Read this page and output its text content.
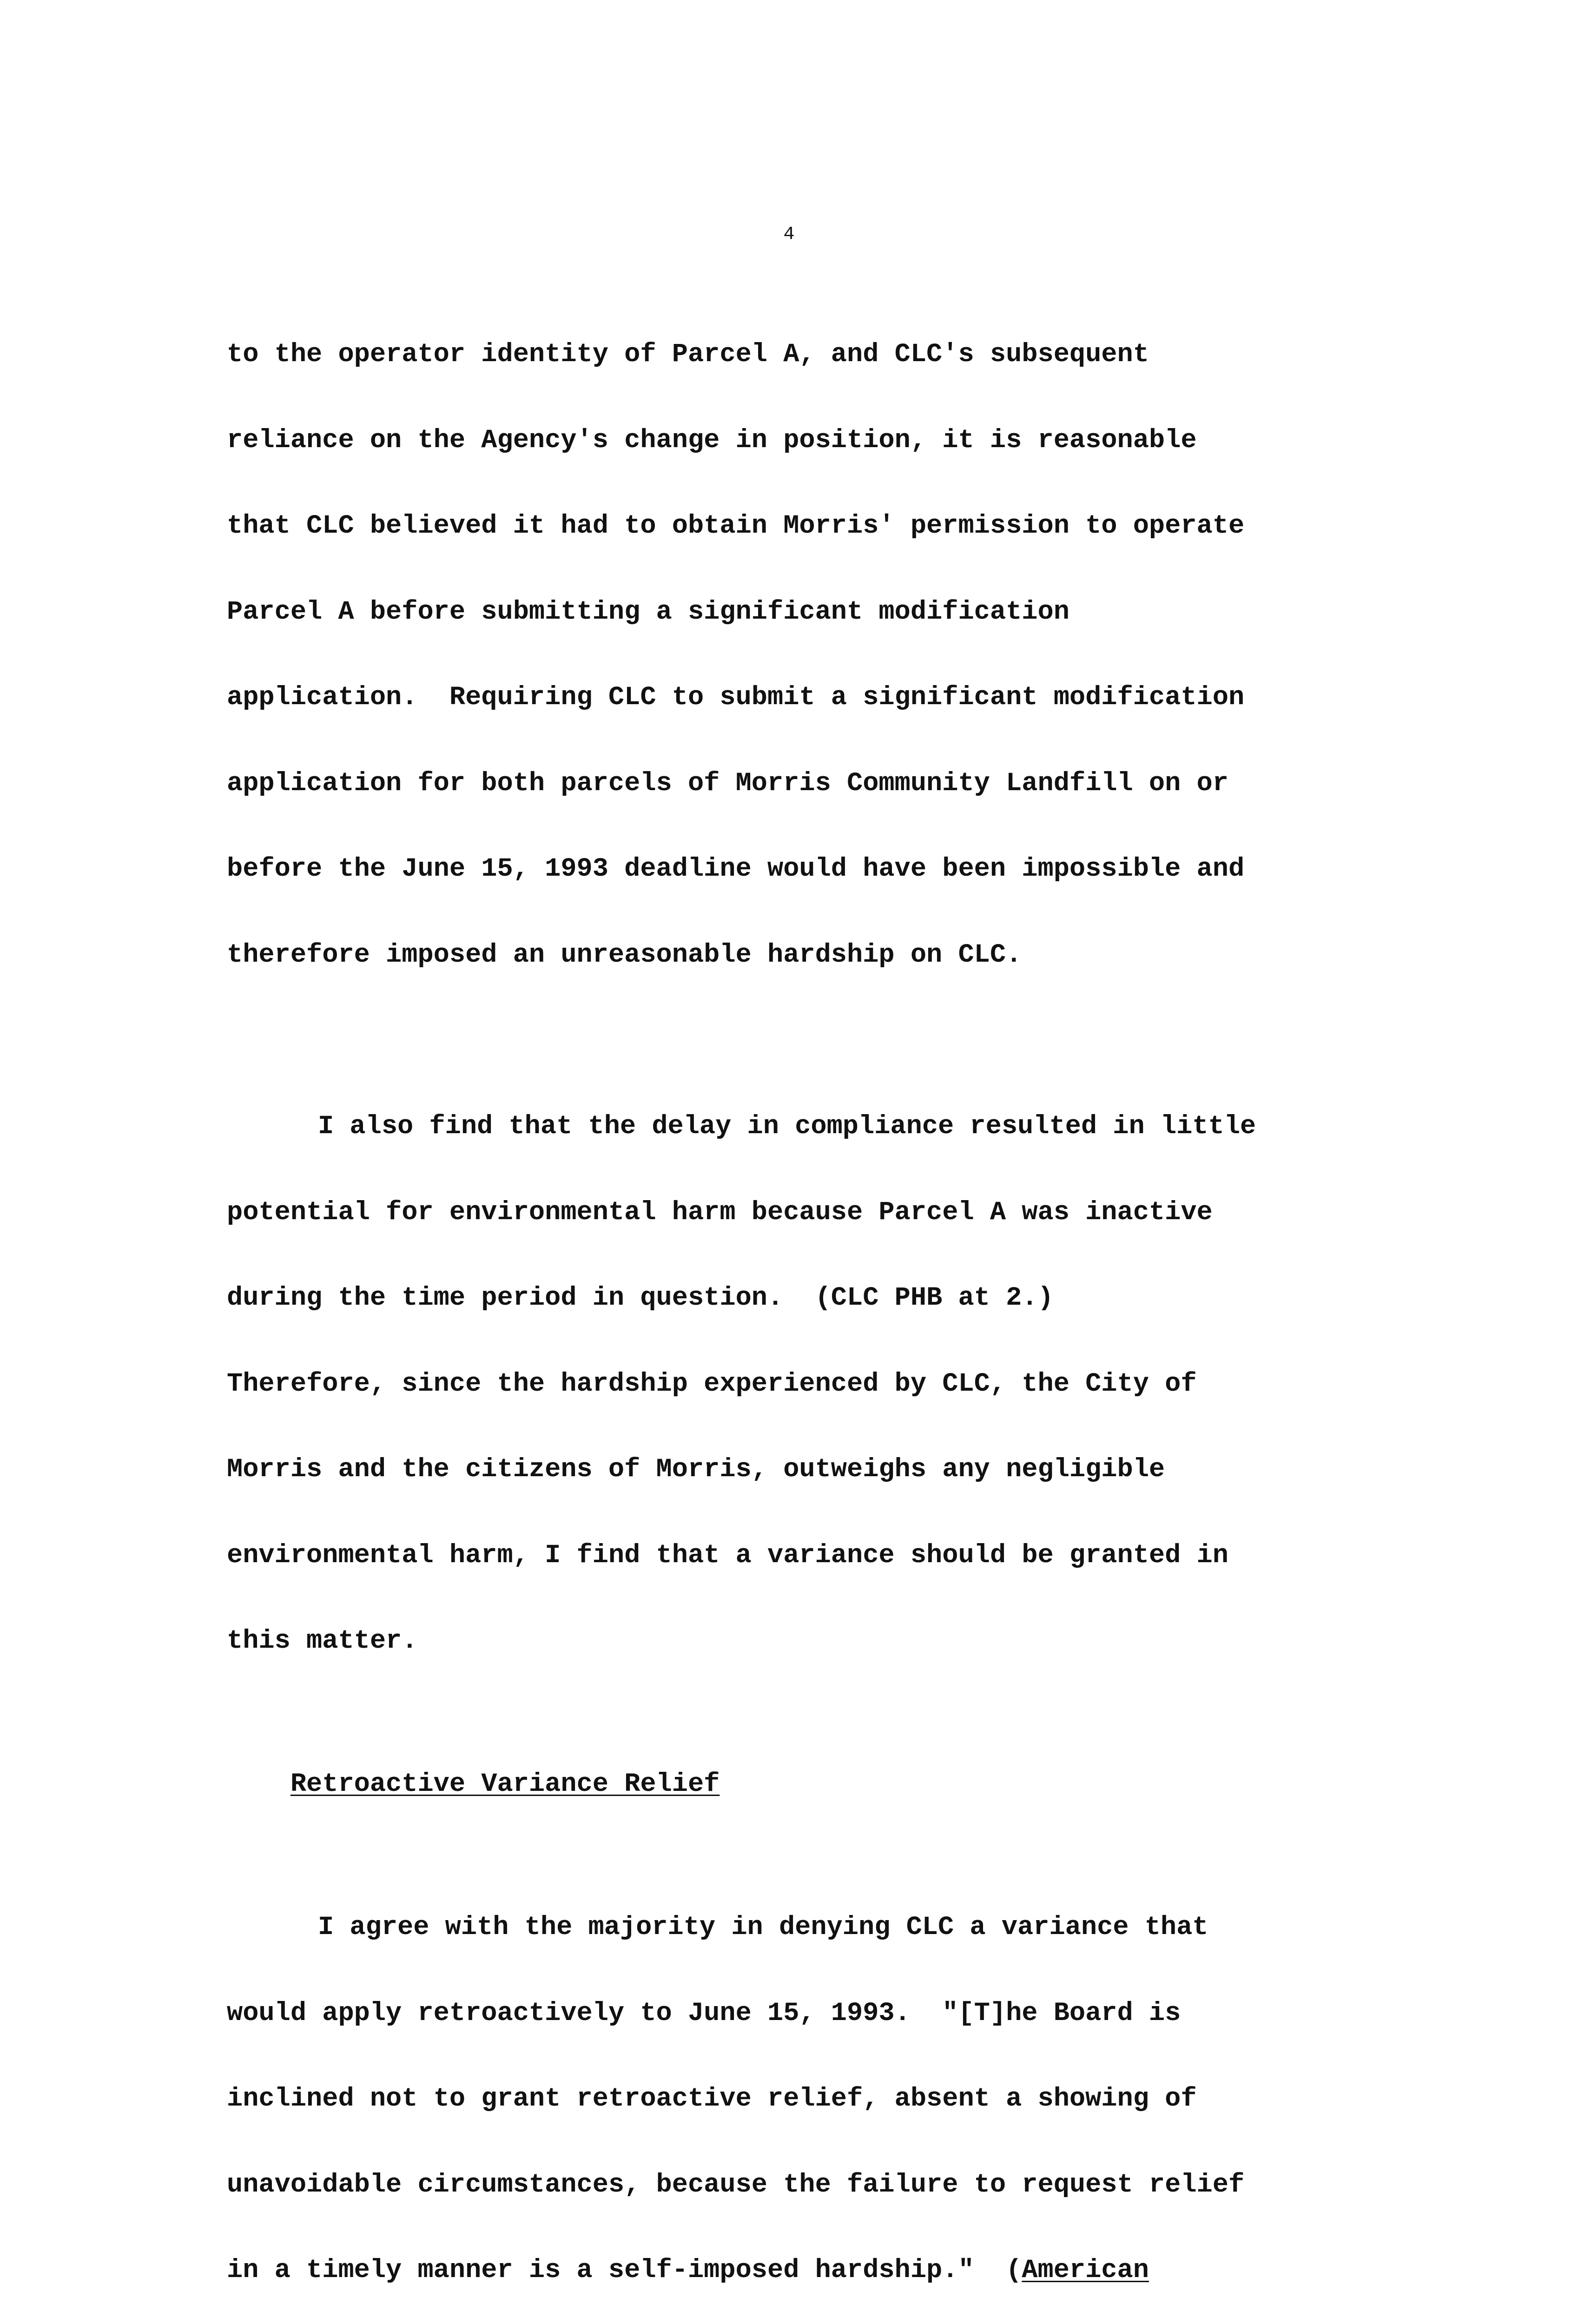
4

to the operator identity of Parcel A, and CLC's subsequent

reliance on the Agency's change in position, it is reasonable

that CLC believed it had to obtain Morris' permission to operate

Parcel A before submitting a significant modification

application.  Requiring CLC to submit a significant modification

application for both parcels of Morris Community Landfill on or

before the June 15, 1993 deadline would have been impossible and

therefore imposed an unreasonable hardship on CLC.

I also find that the delay in compliance resulted in little

potential for environmental harm because Parcel A was inactive

during the time period in question.  (CLC PHB at 2.)

Therefore, since the hardship experienced by CLC, the City of

Morris and the citizens of Morris, outweighs any negligible

environmental harm, I find that a variance should be granted in

this matter.

Retroactive Variance Relief

I agree with the majority in denying CLC a variance that

would apply retroactively to June 15, 1993.  "[T]he Board is

inclined not to grant retroactive relief, absent a showing of

unavoidable circumstances, because the failure to request relief

in a timely manner is a self-imposed hardship."  (American
